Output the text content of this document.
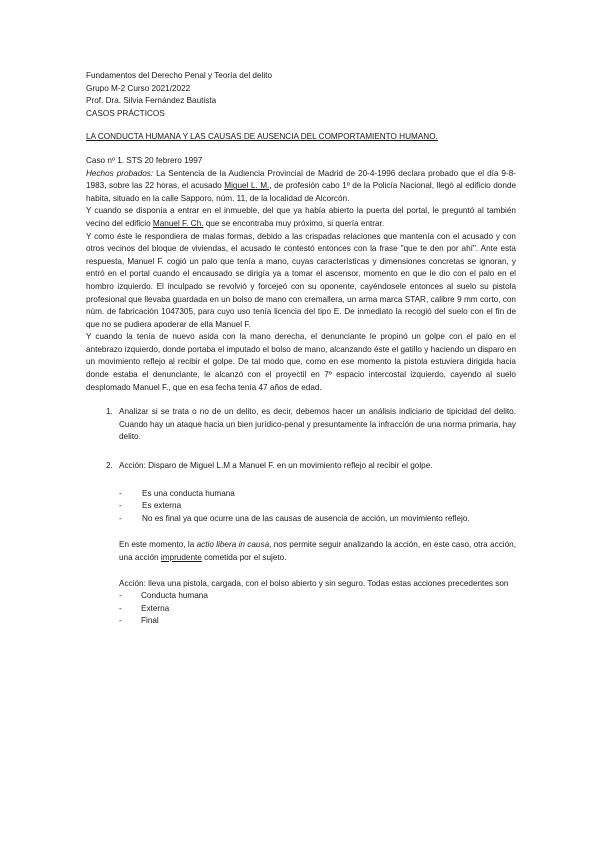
Fundamentos del Derecho Penal y Teoría del delito
Grupo M-2 Curso 2021/2022
Prof. Dra. Silvia Fernández Bautista
CASOS PRÁCTICOS
LA CONDUCTA HUMANA Y LAS CAUSAS DE AUSENCIA DEL COMPORTAMIENTO HUMANO.
Caso nº 1. STS 20 febrero 1997

Hechos probados: La Sentencia de la Audiencia Provincial de Madrid de 20-4-1996 declara probado que el día 9-8-1983, sobre las 22 horas, el acusado Miguel L. M., de profesión cabo 1º de la Policía Nacional, llegó al edificio donde habita, situado en la calle Sapporo, núm. 11, de la localidad de Alcorcón.

Y cuando se disponía a entrar en el inmueble, del que ya había abierto la puerta del portal, le preguntó al también vecino del edificio Manuel F. Ch. que se encontraba muy próximo, si quería entrar.

Y como éste le respondiera de malas formas, debido a las crispadas relaciones que mantenía con el acusado y con otros vecinos del bloque de viviendas, el acusado le contestó entonces con la frase "que te den por ahí". Ante esta respuesta, Manuel F. cogió un palo que tenía a mano, cuyas características y dimensiones concretas se ignoran, y entró en el portal cuando el encausado se dirigía ya a tomar el ascensor, momento en que le dio con el palo en el hombro izquierdo. El inculpado se revolvió y forcejeó con su oponente, cayéndosele entonces al suelo su pistola profesional que llevaba guardada en un bolso de mano con cremallera, un arma marca STAR, calibre 9 mm corto, con núm. de fabricación 1047305, para cuyo uso tenía licencia del tipo E. De inmediato la recogió del suelo con el fin de que no se pudiera apoderar de ella Manuel F.

Y cuando la tenía de nuevo asida con la mano derecha, el denunciante le propinó un golpe con el palo en el antebrazo izquierdo, donde portaba el imputado el bolso de mano, alcanzando éste el gatillo y haciendo un disparo en un movimiento reflejo al recibir el golpe. De tal modo que, como en ese momento la pistola estuviera dirigida hacia donde estaba el denunciante, le alcanzó con el proyectil en 7º espacio intercostal izquierdo, cayendo al suelo desplomado Manuel F., que en esa fecha tenía 47 años de edad.

1. Analizar si se trata o no de un delito, es decir, debemos hacer un análisis indiciario de tipicidad del delito. Cuando hay un ataque hacia un bien jurídico-penal y presuntamente la infracción de una norma primaria, hay delito.
2. Acción: Disparo de Miguel L.M a Manuel F. en un movimiento reflejo al recibir el golpe.
- Es una conducta humana
- Es externa
- No es final ya que ocurre una de las causas de ausencia de acción, un movimiento reflejo.

En este momento, la actio libera in causa, nos permite seguir analizando la acción, en este caso, otra acción, una acción imprudente cometida por el sujeto.

Acción: lleva una pistola, cargada, con el bolso abierto y sin seguro. Todas estas acciones precedentes son

- Conducta humana
- Externa
- Final
